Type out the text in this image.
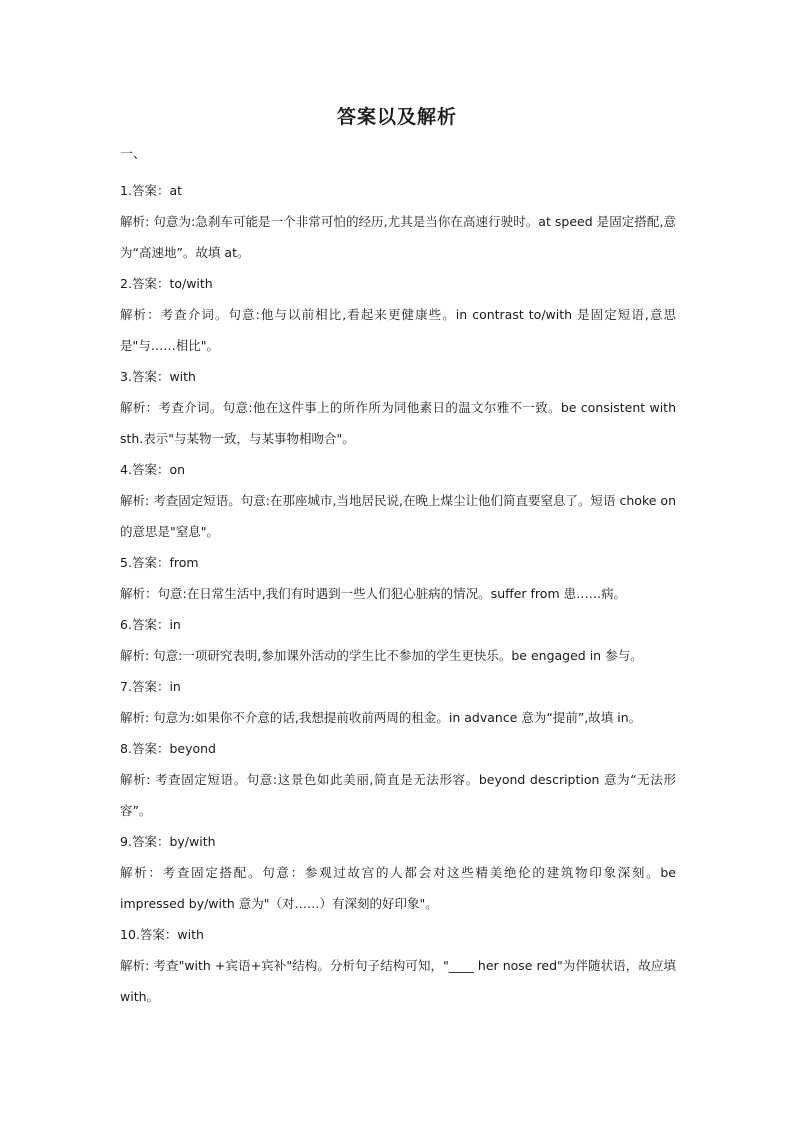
答案以及解析
一、

1.答案：at

解析: 句意为:急刹车可能是一个非常可怕的经历,尤其是当你在高速行驶时。at speed 是固定搭配,意为“高速地”。故填 at。

2.答案：to/with

解析：考查介词。句意:他与以前相比,看起来更健康些。in contrast to/with 是固定短语,意思是"与……相比"。

3.答案：with

解析：考查介词。句意:他在这件事上的所作所为同他素日的温文尔雅不一致。be consistent with sth.表示"与某物一致，与某事物相吻合"。

4.答案：on

解析: 考查固定短语。句意:在那座城市,当地居民说,在晚上煤尘让他们简直要窒息了。短语 choke on 的意思是"窒息"。

5.答案：from

解析：句意:在日常生活中,我们有时遇到一些人们犯心脏病的情况。suffer from 患……病。

6.答案：in

解析: 句意:一项研究表明,参加课外活动的学生比不参加的学生更快乐。be engaged in 参与。

7.答案：in

解析: 句意为:如果你不介意的话,我想提前收前两周的租金。in advance 意为“提前”,故填 in。

8.答案：beyond

解析: 考查固定短语。句意:这景色如此美丽,简直是无法形容。beyond description 意为“无法形容”。

9.答案：by/with

解析：考查固定搭配。句意：参观过故宫的人都会对这些精美绝伦的建筑物印象深刻。be impressed by/with 意为"（对……）有深刻的好印象"。

10.答案：with

解析: 考查"with +宾语+宾补"结构。分析句子结构可知，"____ her nose red"为伴随状语，故应填 with。
